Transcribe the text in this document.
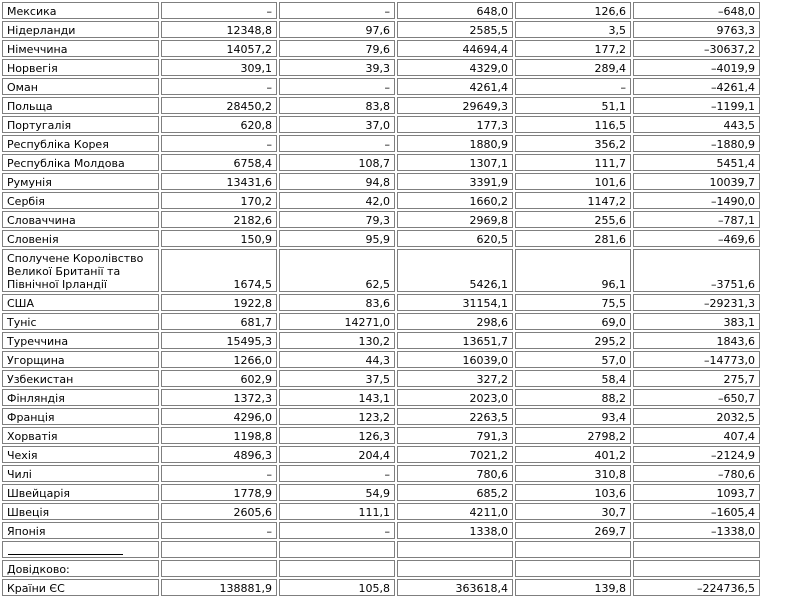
Мексика	–	–	648,0	126,6	–648,0
Нідерланди	12348,8	97,6	2585,5	3,5	9763,3
Німеччина	14057,2	79,6	44694,4	177,2	–30637,2
Норвегія	309,1	39,3	4329,0	289,4	–4019,9
Оман	–	–	4261,4	–	–4261,4
Польща	28450,2	83,8	29649,3	51,1	–1199,1
Португалія	620,8	37,0	177,3	116,5	443,5
Республіка Корея	–	–	1880,9	356,2	–1880,9
Республіка Молдова	6758,4	108,7	1307,1	111,7	5451,4
Румунія	13431,6	94,8	3391,9	101,6	10039,7
Сербія	170,2	42,0	1660,2	1147,2	–1490,0
Словаччина	2182,6	79,3	2969,8	255,6	–787,1
Словенія	150,9	95,9	620,5	281,6	–469,6
Сполучене Королівство Великої Британії та Північної Ірландії	1674,5	62,5	5426,1	96,1	–3751,6
США	1922,8	83,6	31154,1	75,5	–29231,3
Туніс	681,7	14271,0	298,6	69,0	383,1
Туреччина	15495,3	130,2	13651,7	295,2	1843,6
Угорщина	1266,0	44,3	16039,0	57,0	–14773,0
Узбекистан	602,9	37,5	327,2	58,4	275,7
Фінляндія	1372,3	143,1	2023,0	88,2	–650,7
Франція	4296,0	123,2	2263,5	93,4	2032,5
Хорватія	1198,8	126,3	791,3	2798,2	407,4
Чехія	4896,3	204,4	7021,2	401,2	–2124,9
Чилі	–	–	780,6	310,8	–780,6
Швейцарія	1778,9	54,9	685,2	103,6	1093,7
Швеція	2605,6	111,1	4211,0	30,7	–1605,4
Японія	–	–	1338,0	269,7	–1338,0

Довідково:					
Країни ЄС	138881,9	105,8	363618,4	139,8	–224736,5
